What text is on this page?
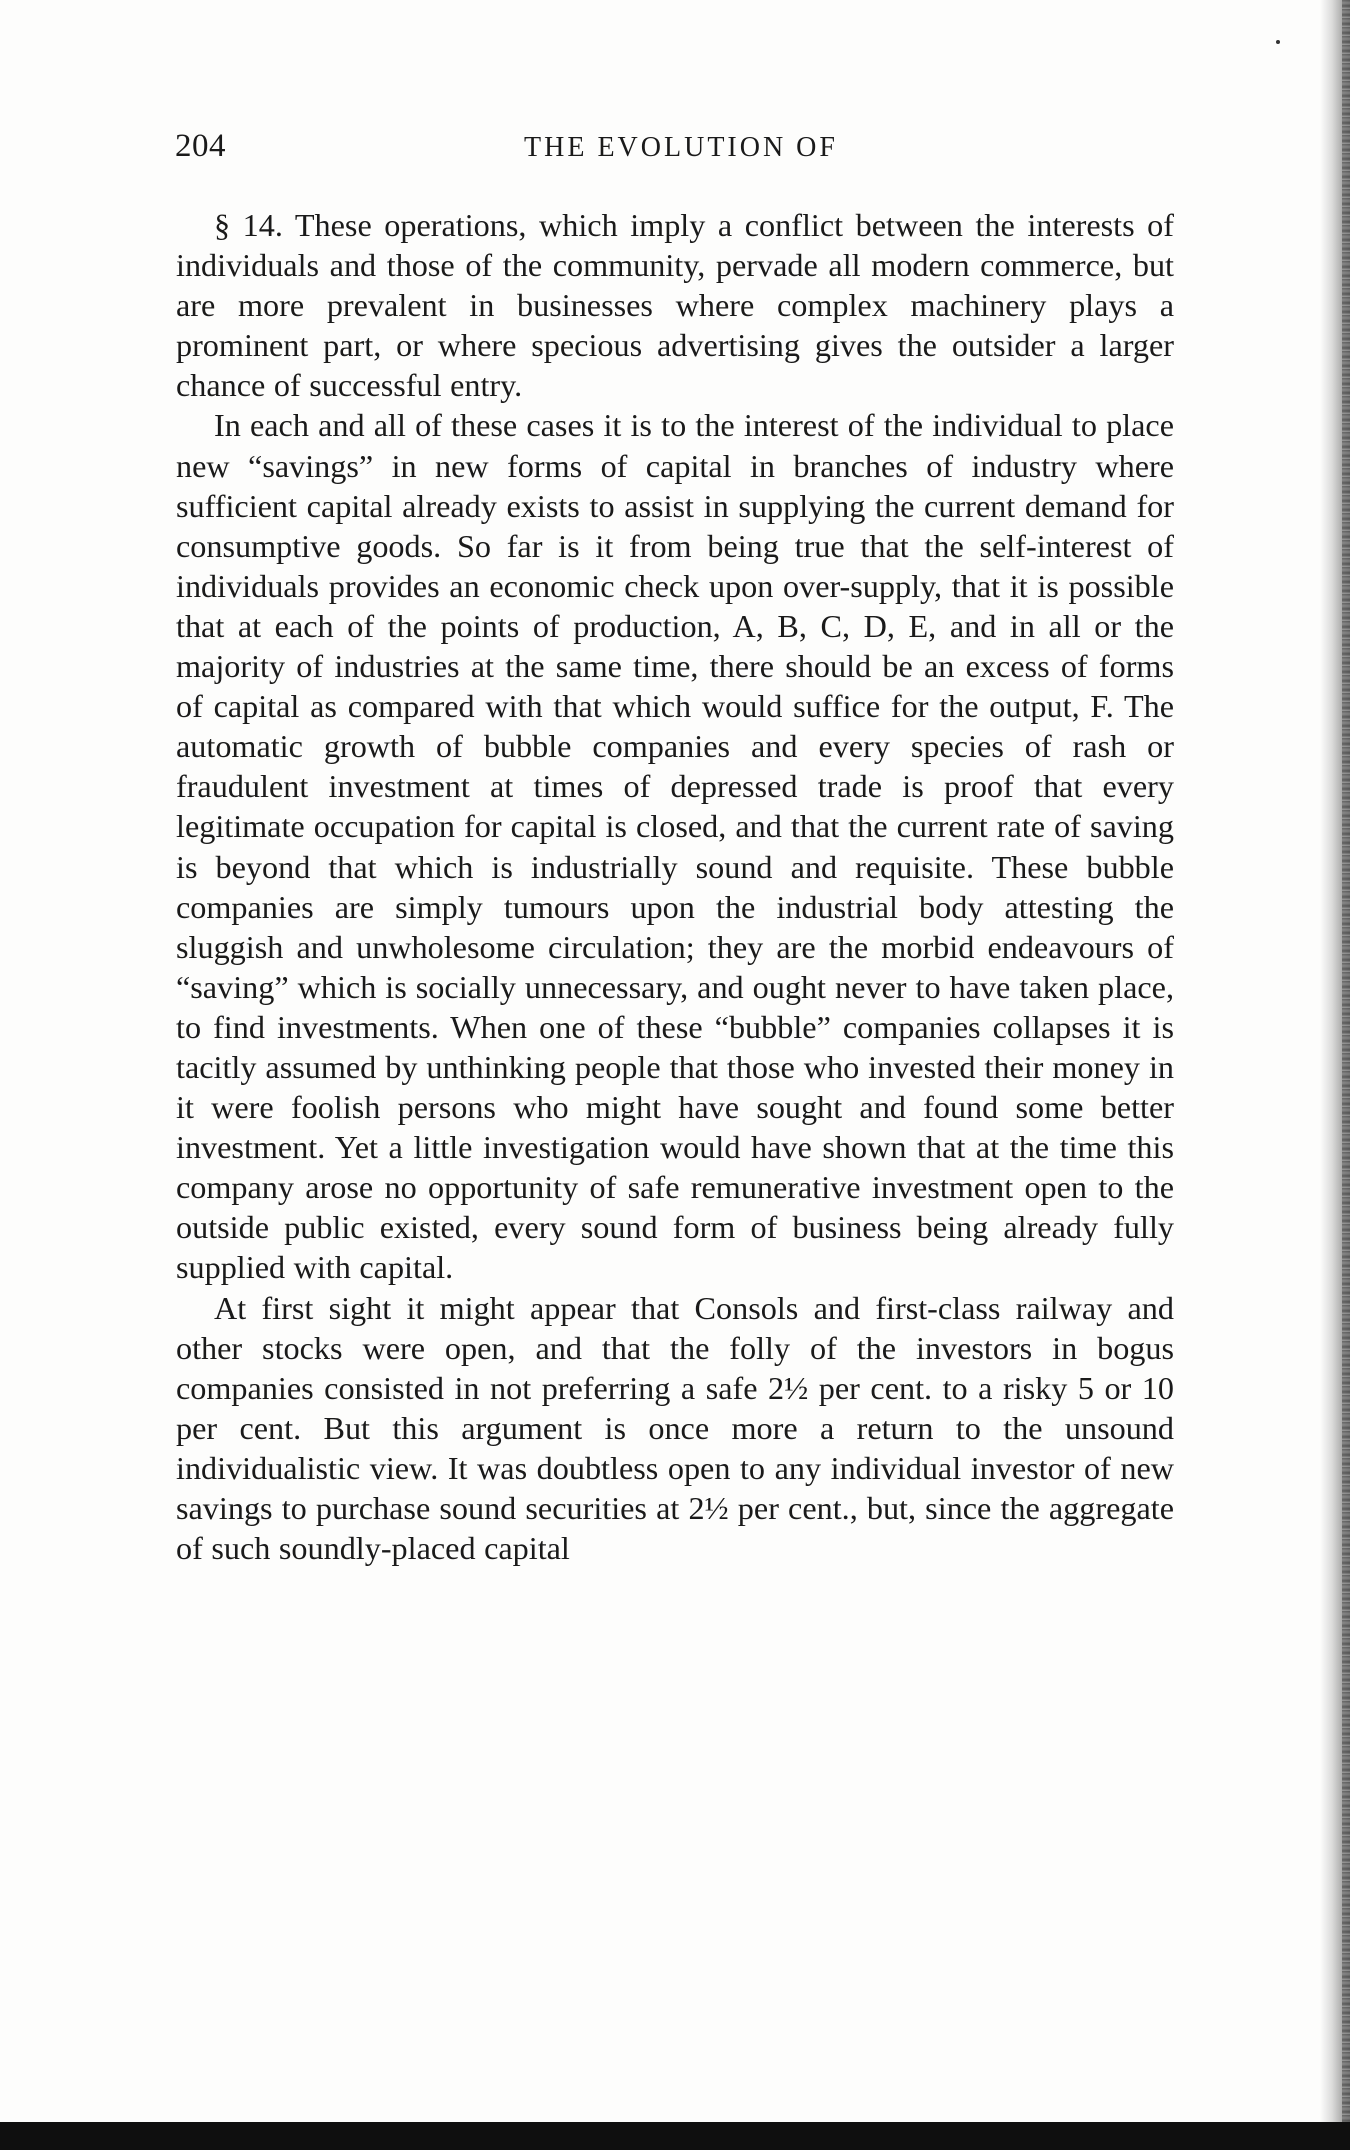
204	THE EVOLUTION OF

§ 14. These operations, which imply a conflict between the interests of individuals and those of the community, pervade all modern commerce, but are more prevalent in businesses where complex machinery plays a prominent part, or where specious advertising gives the outsider a larger chance of successful entry.

In each and all of these cases it is to the interest of the individual to place new “savings” in new forms of capital in branches of industry where sufficient capital already exists to assist in supplying the current demand for consumptive goods. So far is it from being true that the self-interest of individuals provides an economic check upon over-supply, that it is possible that at each of the points of production, A, B, C, D, E, and in all or the majority of industries at the same time, there should be an excess of forms of capital as compared with that which would suffice for the output, F. The automatic growth of bubble companies and every species of rash or fraudulent investment at times of depressed trade is proof that every legitimate occupation for capital is closed, and that the current rate of saving is beyond that which is industrially sound and requisite. These bubble companies are simply tumours upon the industrial body attesting the sluggish and unwholesome circulation; they are the morbid endeavours of “saving” which is socially unnecessary, and ought never to have taken place, to find investments. When one of these “bubble” companies collapses it is tacitly assumed by unthinking people that those who invested their money in it were foolish persons who might have sought and found some better investment. Yet a little investigation would have shown that at the time this company arose no opportunity of safe remunerative investment open to the outside public existed, every sound form of business being already fully supplied with capital.

At first sight it might appear that Consols and first-class railway and other stocks were open, and that the folly of the investors in bogus companies consisted in not preferring a safe 2½ per cent. to a risky 5 or 10 per cent. But this argument is once more a return to the unsound individualistic view. It was doubtless open to any individual investor of new savings to purchase sound securities at 2½ per cent., but, since the aggregate of such soundly-placed capital
